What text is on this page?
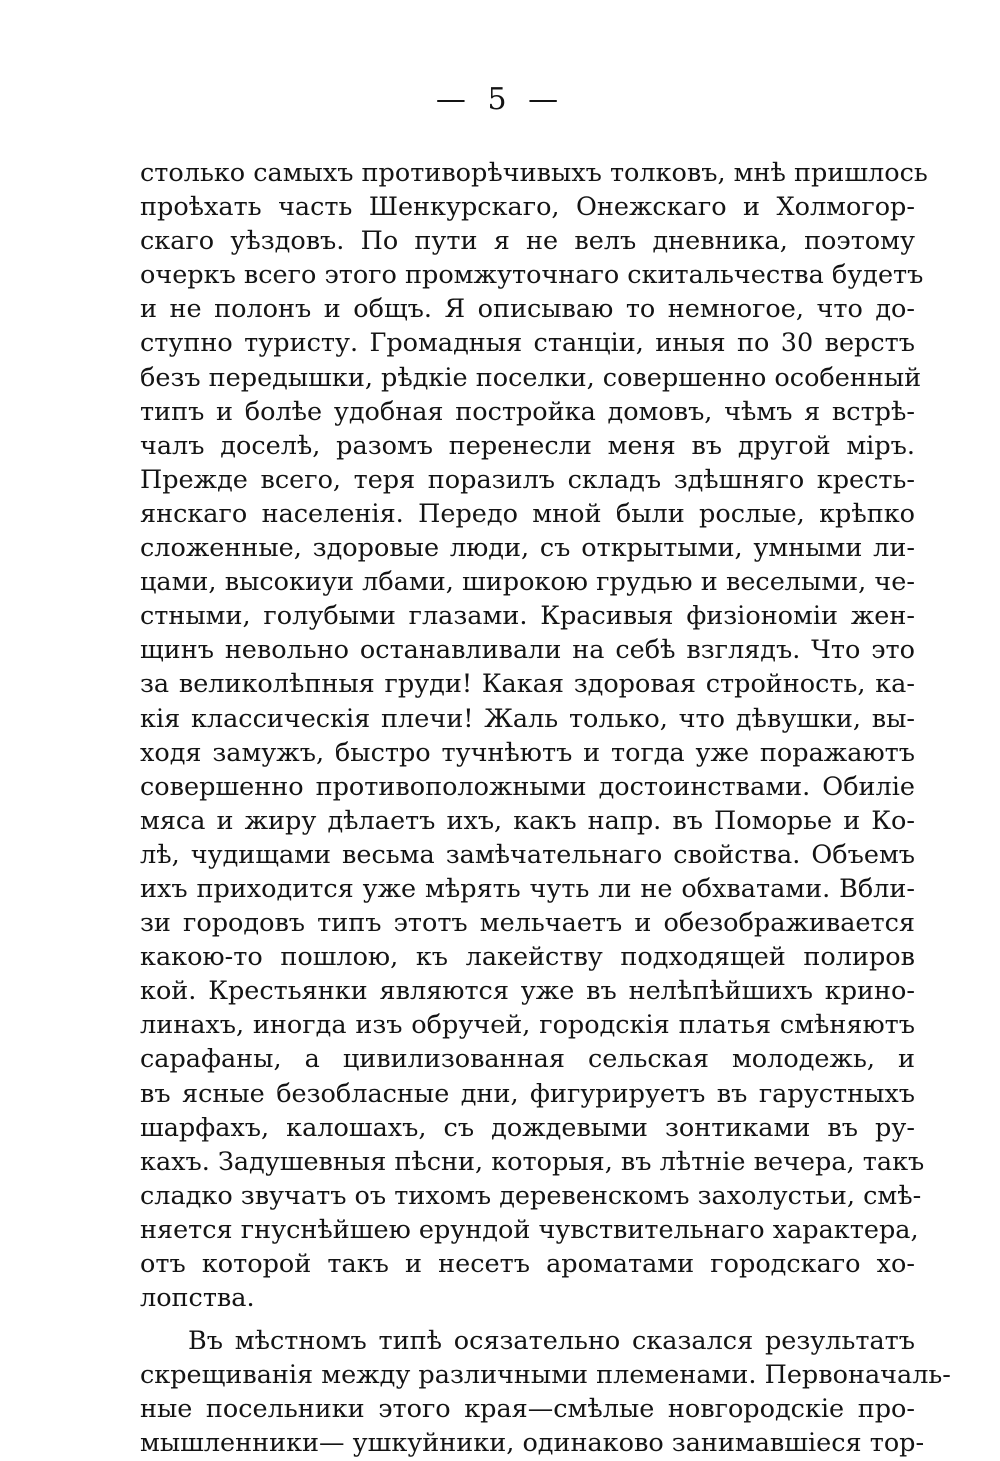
— 5 —
столько самыхъ противорѣчивыхъ толковъ, мнѣ пришлось
проѣхать часть Шенкурскаго, Онежскаго и Холмогор-
скаго уѣздовъ. По пути я не велъ дневника, поэтому
очеркъ всего этого промжуточнаго скитальчества будетъ
и не полонъ и общъ. Я описываю то немногое, что до-
ступно туристу. Громадныя станціи, иныя по 30 верстъ
безъ передышки, рѣдкіе поселки, совершенно особенный
типъ и болѣе удобная постройка домовъ, чѣмъ я встрѣ-
чалъ доселѣ, разомъ перенесли меня въ другой міръ.
Прежде всего, теря поразилъ складъ здѣшняго кресть-
янскаго населенія. Передо мной были рослые, крѣпко
сложенные, здоровые люди, съ открытыми, умными ли-
цами, высокиуи лбами, широкою грудью и веселыми, че-
стными, голубыми глазами. Красивыя физіономіи жен-
щинъ невольно останавливали на себѣ взглядъ. Что это
за великолѣпныя груди! Какая здоровая стройность, ка-
кія классическія плечи! Жаль только, что дѣвушки, вы-
ходя замужъ, быстро тучнѣютъ и тогда уже поражаютъ
совершенно противоположными достоинствами. Обиліе
мяса и жиру дѣлаетъ ихъ, какъ напр. въ Поморье и Ко-
лѣ, чудищами весьма замѣчательнаго свойства. Объемъ
ихъ приходится уже мѣрять чуть ли не обхватами. Вбли-
зи городовъ типъ этотъ мельчаетъ и обезображивается
какою-то пошлою, къ лакейству подходящей полиров
кой. Крестьянки являются уже въ нелѣпѣйшихъ крино-
линахъ, иногда изъ обручей, городскія платья смѣняютъ
сарафаны, а цивилизованная сельская молодежь, и
въ ясные безобласные дни, фигурируетъ въ гарустныхъ
шарфахъ, калошахъ, съ дождевыми зонтиками въ ру-
кахъ. Задушевныя пѣсни, которыя, въ лѣтніе вечера, такъ
сладко звучатъ оъ тихомъ деревенскомъ захолустьи, смѣ-
няется гнуснѣйшею ерундой чувствительнаго характера,
отъ которой такъ и несетъ ароматами городскаго хо-
лопства.
Въ мѣстномъ типѣ осязательно сказался результатъ
скрещиванія между различными племенами. Первоначаль-
ные посельники этого края—смѣлые новгородскіе про-
мышленники— ушкуйники, одинаково занимавшіеся тор-
